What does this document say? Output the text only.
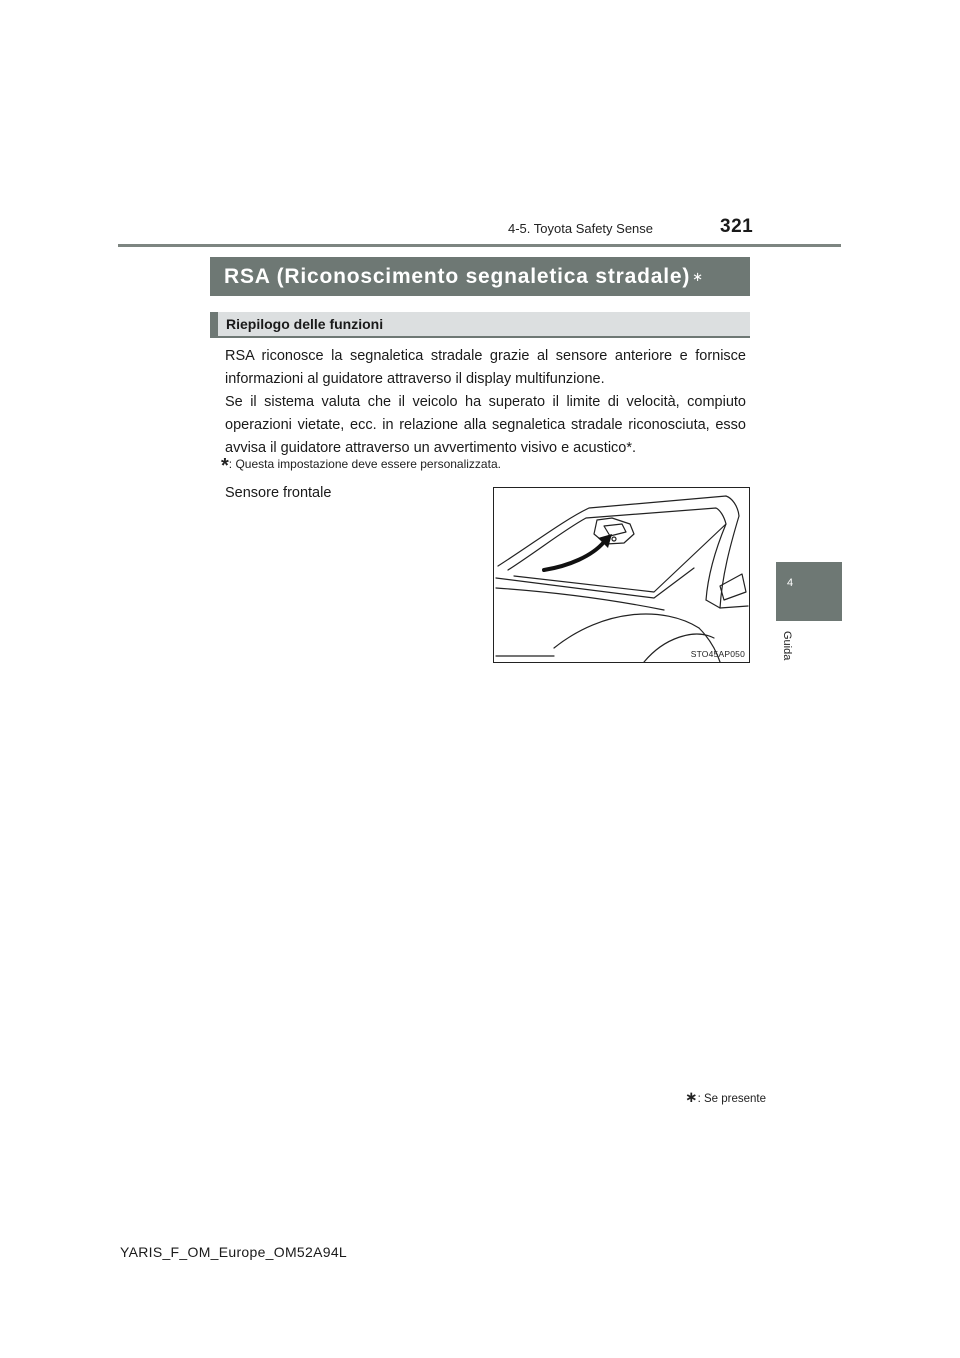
4-5. Toyota Safety Sense	321
4
Guida
RSA (Riconoscimento segnaletica stradale) ∗
Riepilogo delle funzioni
RSA riconosce la segnaletica stradale grazie al sensore anteriore e fornisce informazioni al guidatore attraverso il display multifunzione.
Se il sistema valuta che il veicolo ha superato il limite di velocità, compiuto operazioni vietate, ecc. in relazione alla segnaletica stradale riconosciuta, esso avvisa il guidatore attraverso un avvertimento visivo e acustico*.
*: Questa impostazione deve essere personalizzata.
Sensore frontale
STO45AP050
∗: Se presente
YARIS_F_OM_Europe_OM52A94L
